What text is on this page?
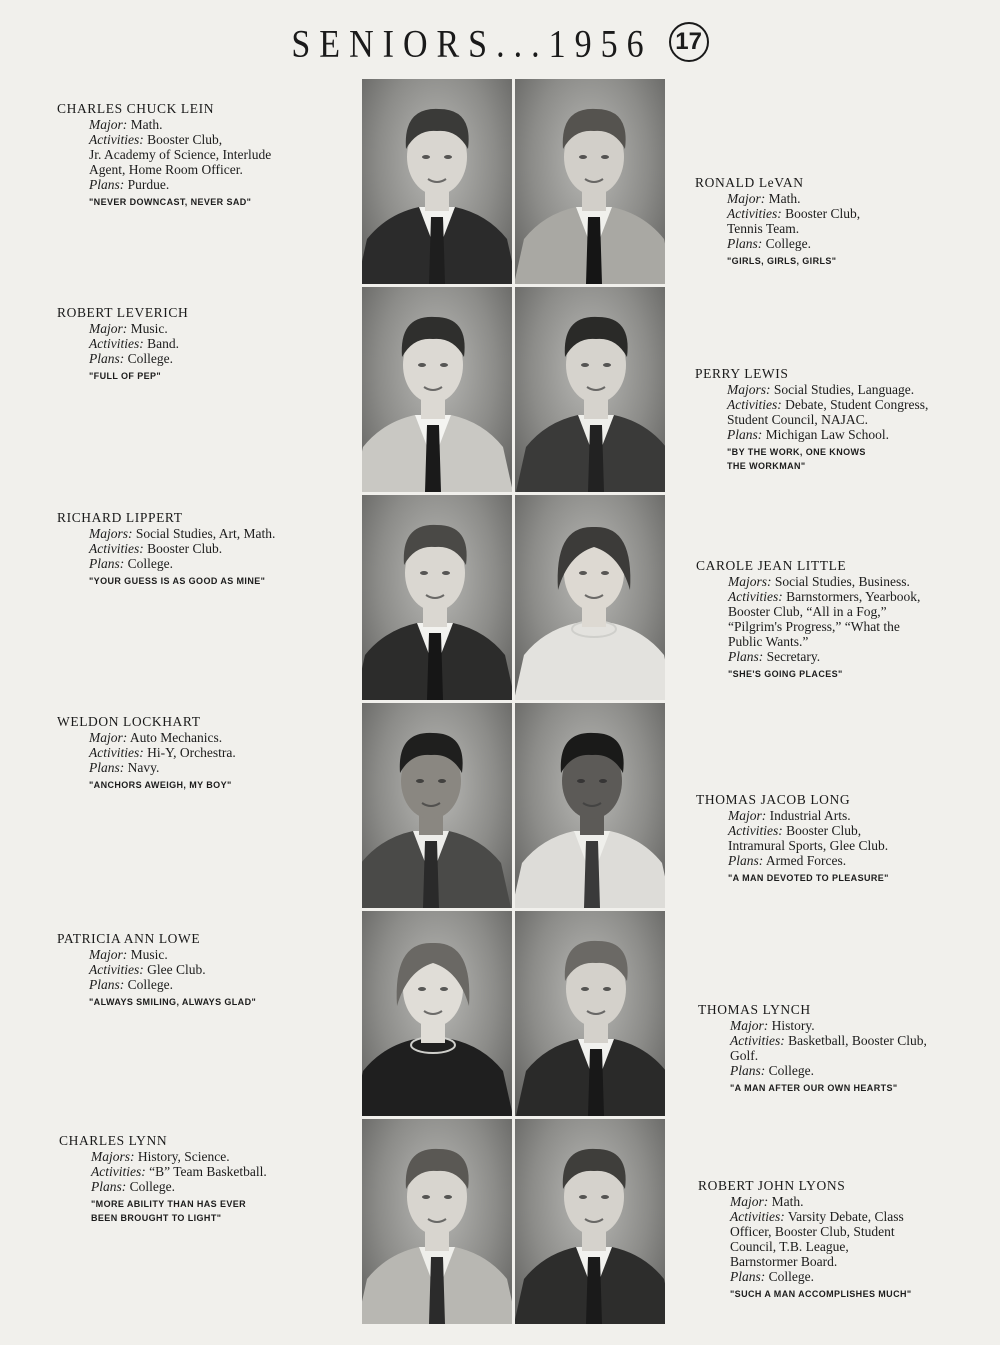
SENIORS...1956 17
CHARLES CHUCK LEIN
Major: Math.
Activities: Booster Club,
Jr. Academy of Science, Interlude
Agent, Home Room Officer.
Plans: Purdue.
"NEVER DOWNCAST, NEVER SAD"
ROBERT LEVERICH
Major: Music.
Activities: Band.
Plans: College.
"FULL OF PEP"
RICHARD LIPPERT
Majors: Social Studies, Art, Math.
Activities: Booster Club.
Plans: College.
"YOUR GUESS IS AS GOOD AS MINE"
WELDON LOCKHART
Major: Auto Mechanics.
Activities: Hi-Y, Orchestra.
Plans: Navy.
"ANCHORS AWEIGH, MY BOY"
PATRICIA ANN LOWE
Major: Music.
Activities: Glee Club.
Plans: College.
"ALWAYS SMILING, ALWAYS GLAD"
CHARLES LYNN
Majors: History, Science.
Activities: “B” Team Basketball.
Plans: College.
"MORE ABILITY THAN HAS EVER
BEEN BROUGHT TO LIGHT"
RONALD LeVAN
Major: Math.
Activities: Booster Club,
Tennis Team.
Plans: College.
"GIRLS, GIRLS, GIRLS"
PERRY LEWIS
Majors: Social Studies, Language.
Activities: Debate, Student Congress,
Student Council, NAJAC.
Plans: Michigan Law School.
"BY THE WORK, ONE KNOWS
THE WORKMAN"
CAROLE JEAN LITTLE
Majors: Social Studies, Business.
Activities: Barnstormers, Yearbook,
Booster Club, “All in a Fog,”
“Pilgrim's Progress,” “What the
Public Wants.”
Plans: Secretary.
"SHE'S GOING PLACES"
THOMAS JACOB LONG
Major: Industrial Arts.
Activities: Booster Club,
Intramural Sports, Glee Club.
Plans: Armed Forces.
"A MAN DEVOTED TO PLEASURE"
THOMAS LYNCH
Major: History.
Activities: Basketball, Booster Club,
Golf.
Plans: College.
"A MAN AFTER OUR OWN HEARTS"
ROBERT JOHN LYONS
Major: Math.
Activities: Varsity Debate, Class
Officer, Booster Club, Student
Council, T.B. League,
Barnstormer Board.
Plans: College.
"SUCH A MAN ACCOMPLISHES MUCH"
